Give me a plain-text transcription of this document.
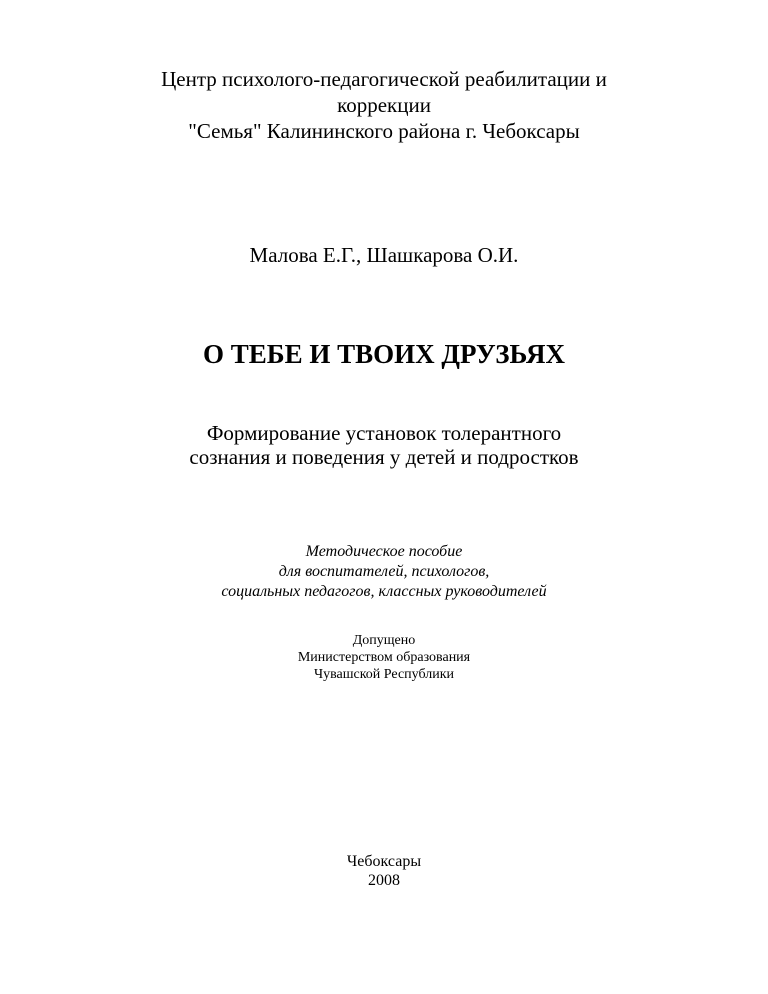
Центр психолого-педагогической реабилитации и
коррекции
"Семья" Калининского района г. Чебоксары
Малова Е.Г., Шашкарова О.И.
О ТЕБЕ И ТВОИХ ДРУЗЬЯХ
Формирование установок толерантного
сознания и поведения у детей и подростков
Методическое пособие
для воспитателей, психологов,
социальных педагогов, классных руководителей
Допущено
Министерством образования
Чувашской Республики
Чебоксары
2008
